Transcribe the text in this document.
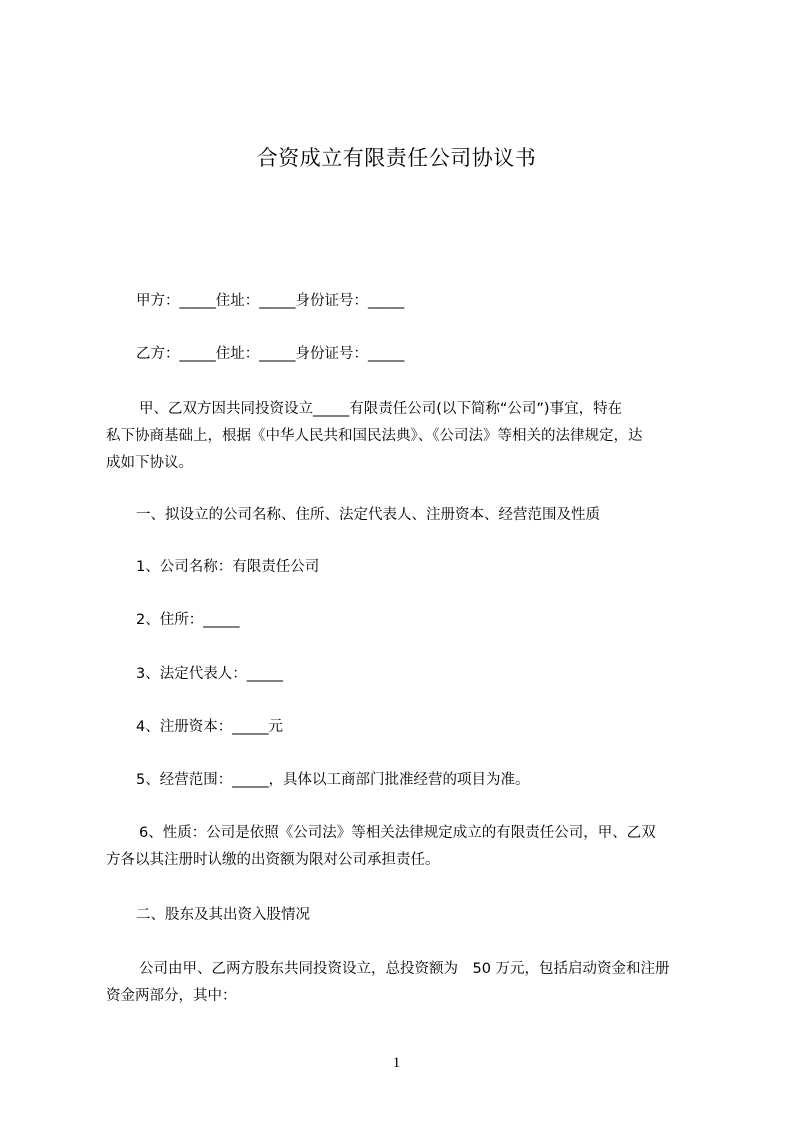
合资成立有限责任公司协议书
甲方：_____住址：_____身份证号：_____
乙方：_____住址：_____身份证号：_____
甲、乙双方因共同投资设立_____有限责任公司(以下简称“公司”)事宜，特在
私下协商基础上，根据《中华人民共和国民法典》、《公司法》等相关的法律规定，达
成如下协议。
一、拟设立的公司名称、住所、法定代表人、注册资本、经营范围及性质
1、公司名称：有限责任公司
2、住所：_____
3、法定代表人：_____
4、注册资本：_____元
5、经营范围：_____，具体以工商部门批准经营的项目为准。
6、性质：公司是依照《公司法》等相关法律规定成立的有限责任公司，甲、乙双
方各以其注册时认缴的出资额为限对公司承担责任。
二、股东及其出资入股情况
公司由甲、乙两方股东共同投资设立，总投资额为　50 万元，包括启动资金和注册
资金两部分，其中：
1
